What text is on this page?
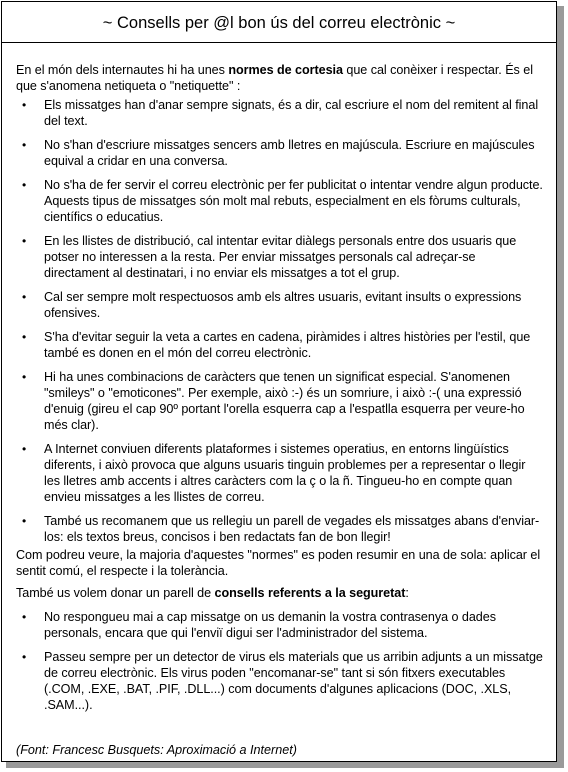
~ Consells per @l bon ús del correu electrònic ~

En el món dels internautes hi ha unes normes de cortesia que cal conèixer i respectar. És el que s'anomena netiqueta o "netiquette" :

• Els missatges han d'anar sempre signats, és a dir, cal escriure el nom del remitent al final del text.
• No s'han d'escriure missatges sencers amb lletres en majúscula. Escriure en majúscules equival a cridar en una conversa.
• No s'ha de fer servir el correu electrònic per fer publicitat o intentar vendre algun producte. Aquests tipus de missatges són molt mal rebuts, especialment en els fòrums culturals, científics o educatius.
• En les llistes de distribució, cal intentar evitar diàlegs personals entre dos usuaris que potser no interessen a la resta. Per enviar missatges personals cal adreçar-se directament al destinatari, i no enviar els missatges a tot el grup.
• Cal ser sempre molt respectuosos amb els altres usuaris, evitant insults o expressions ofensives.
• S'ha d'evitar seguir la veta a cartes en cadena, piràmides i altres històries per l'estil, que també es donen en el món del correu electrònic.
• Hi ha unes combinacions de caràcters que tenen un significat especial. S'anomenen "smileys" o "emoticones". Per exemple, això :-) és un somriure, i això :-( una expressió d'enuig (gireu el cap 90º portant l'orella esquerra cap a l'espatlla esquerra per veure-ho més clar).
• A Internet conviuen diferents plataformes i sistemes operatius, en entorns lingüístics diferents, i això provoca que alguns usuaris tinguin problemes per a representar o llegir les lletres amb accents i altres caràcters com la ç o la ñ. Tingueu-ho en compte quan envieu missatges a les llistes de correu.
• També us recomanem que us rellegiu un parell de vegades els missatges abans d'enviar-los: els textos breus, concisos i ben redactats fan de bon llegir!

Com podreu veure, la majoria d'aquestes "normes" es poden resumir en una de sola: aplicar el sentit comú, el respecte i la tolerància.

També us volem donar un parell de consells referents a la seguretat:

• No respongueu mai a cap missatge on us demanin la vostra contrasenya o dades personals, encara que qui l'enviï digui ser l'administrador del sistema.
• Passeu sempre per un detector de virus els materials que us arribin adjunts a un missatge de correu electrònic. Els virus poden "encomanar-se" tant si són fitxers executables (.COM, .EXE, .BAT, .PIF, .DLL...) com documents d'algunes aplicacions (DOC, .XLS, .SAM...).
(Font: Francesc Busquets: Aproximació a Internet)
